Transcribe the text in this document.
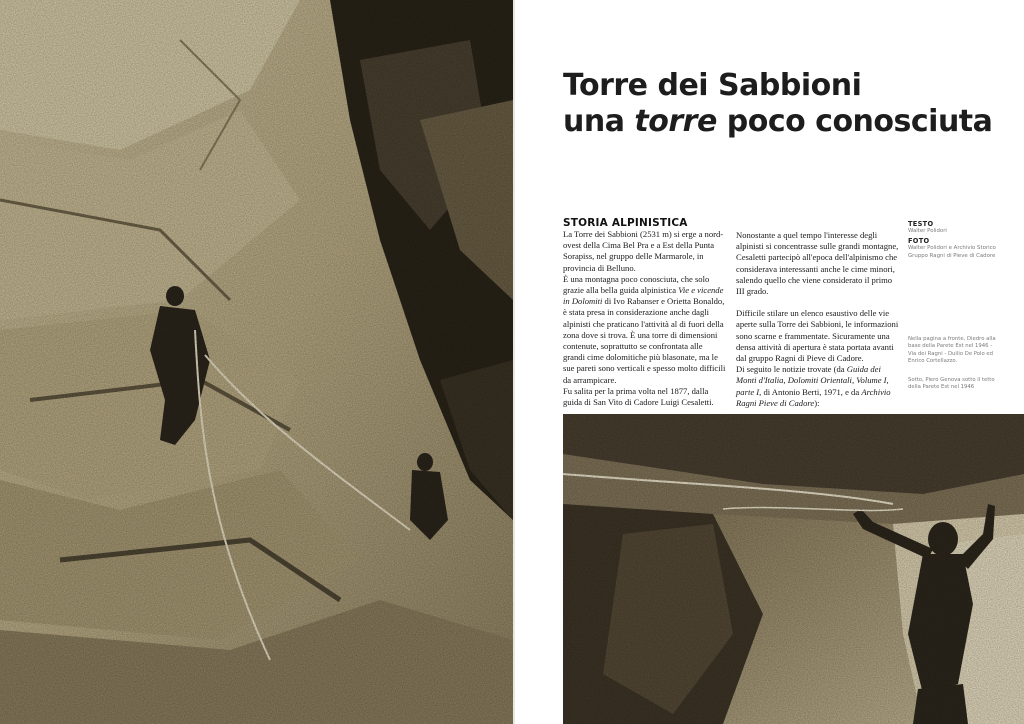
Torre dei Sabbioni
una torre poco conosciuta
STORIA ALPINISTICA

La Torre dei Sabbioni (2531 m) si erge a nord-ovest della Cima Bel Pra e a Est della Punta Sorapiss, nel gruppo delle Marmarole, in provincia di Belluno.

È una montagna poco conosciuta, che solo grazie alla bella guida alpinistica Vie e vicende in Dolomiti di Ivo Rabanser e Orietta Bonaldo, è stata presa in considerazione anche dagli alpinisti che praticano l'attività al di fuori della zona dove si trova. È una torre di dimensioni contenute, soprattutto se confrontata alle grandi cime dolomitiche più blasonate, ma le sue pareti sono verticali e spesso molto difficili da arrampicare.

Fu salita per la prima volta nel 1877, dalla guida di San Vito di Cadore Luigi Cesaletti.

Nonostante a quel tempo l'interesse degli alpinisti si concentrasse sulle grandi montagne, Cesaletti partecipò all'epoca dell'alpinismo che considerava interessanti anche le cime minori, salendo quello che viene considerato il primo III grado.

Difficile stilare un elenco esaustivo delle vie aperte sulla Torre dei Sabbioni, le informazioni sono scarne e frammentate. Sicuramente una densa attività di apertura è stata portata avanti dal gruppo Ragni di Pieve di Cadore.

Di seguito le notizie trovate (da Guida dei Monti d'Italia, Dolomiti Orientali, Volume I, parte I, di Antonio Berti, 1971, e da Archivio Ragni Pieve di Cadore):

TESTO
Walter Polidori
FOTO
Walter Polidori e Archivio Storico Gruppo Ragni di Pieve di Cadore
Nella pagina a fronte, Diedro alla base della Parete Est nel 1946 - Via dei Ragni - Duilio De Polo ed Enrico Cortellazzo.
Sotto, Piero Genova sotto il tetto della Parete Est nel 1946
